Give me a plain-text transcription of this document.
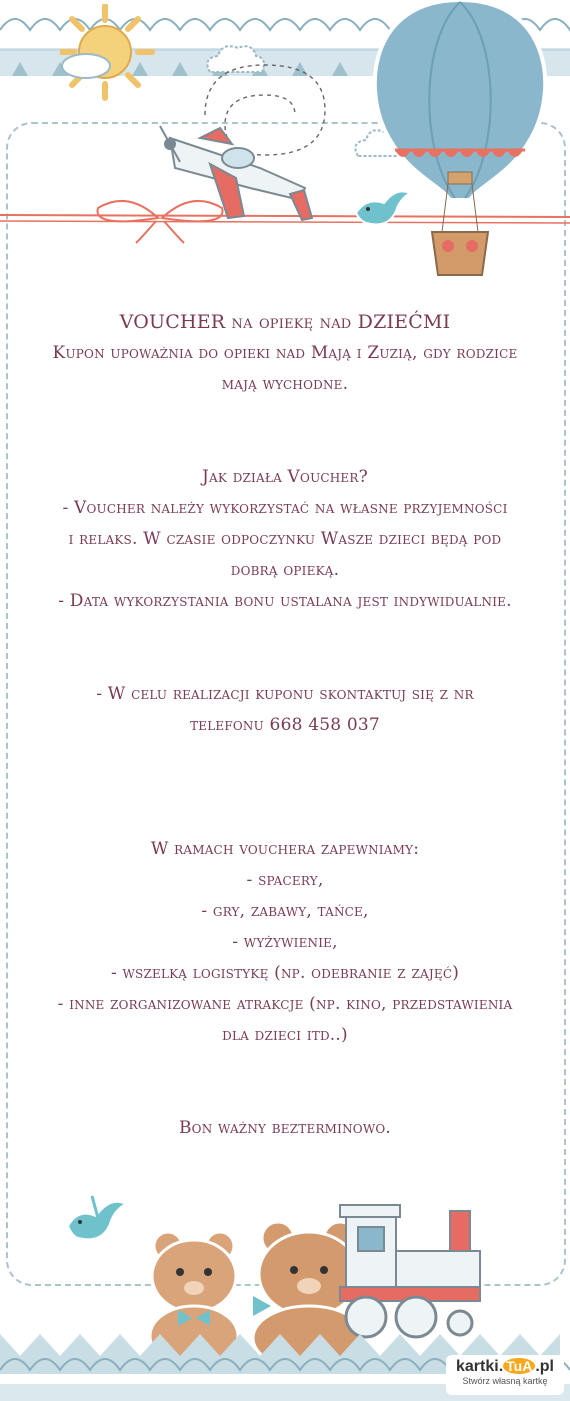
VOUCHER na opiekę nad DZIEĆMI

Kupon upoważnia do opieki nad Mają i Zuzią, gdy rodzice

mają wychodne.

Jak działa Voucher?

- Voucher należy wykorzystać na własne przyjemności

i relaks. W czasie odpoczynku Wasze dzieci będą pod

dobrą opieką.

- Data wykorzystania bonu ustalana jest indywidualnie.

- W celu realizacji kuponu skontaktuj się z nr

telefonu 668 458 037

W ramach vouchera zapewniamy:

- spacery,

- gry, zabawy, tańce,

- wyżywienie,

- wszelką logistykę (np. odebranie z zajęć)

- inne zorganizowane atrakcje (np. kino, przedstawienia

dla dzieci itd..)

Bon ważny bezterminowo.

kartki. TuA .pl
Stwórz własną kartkę
